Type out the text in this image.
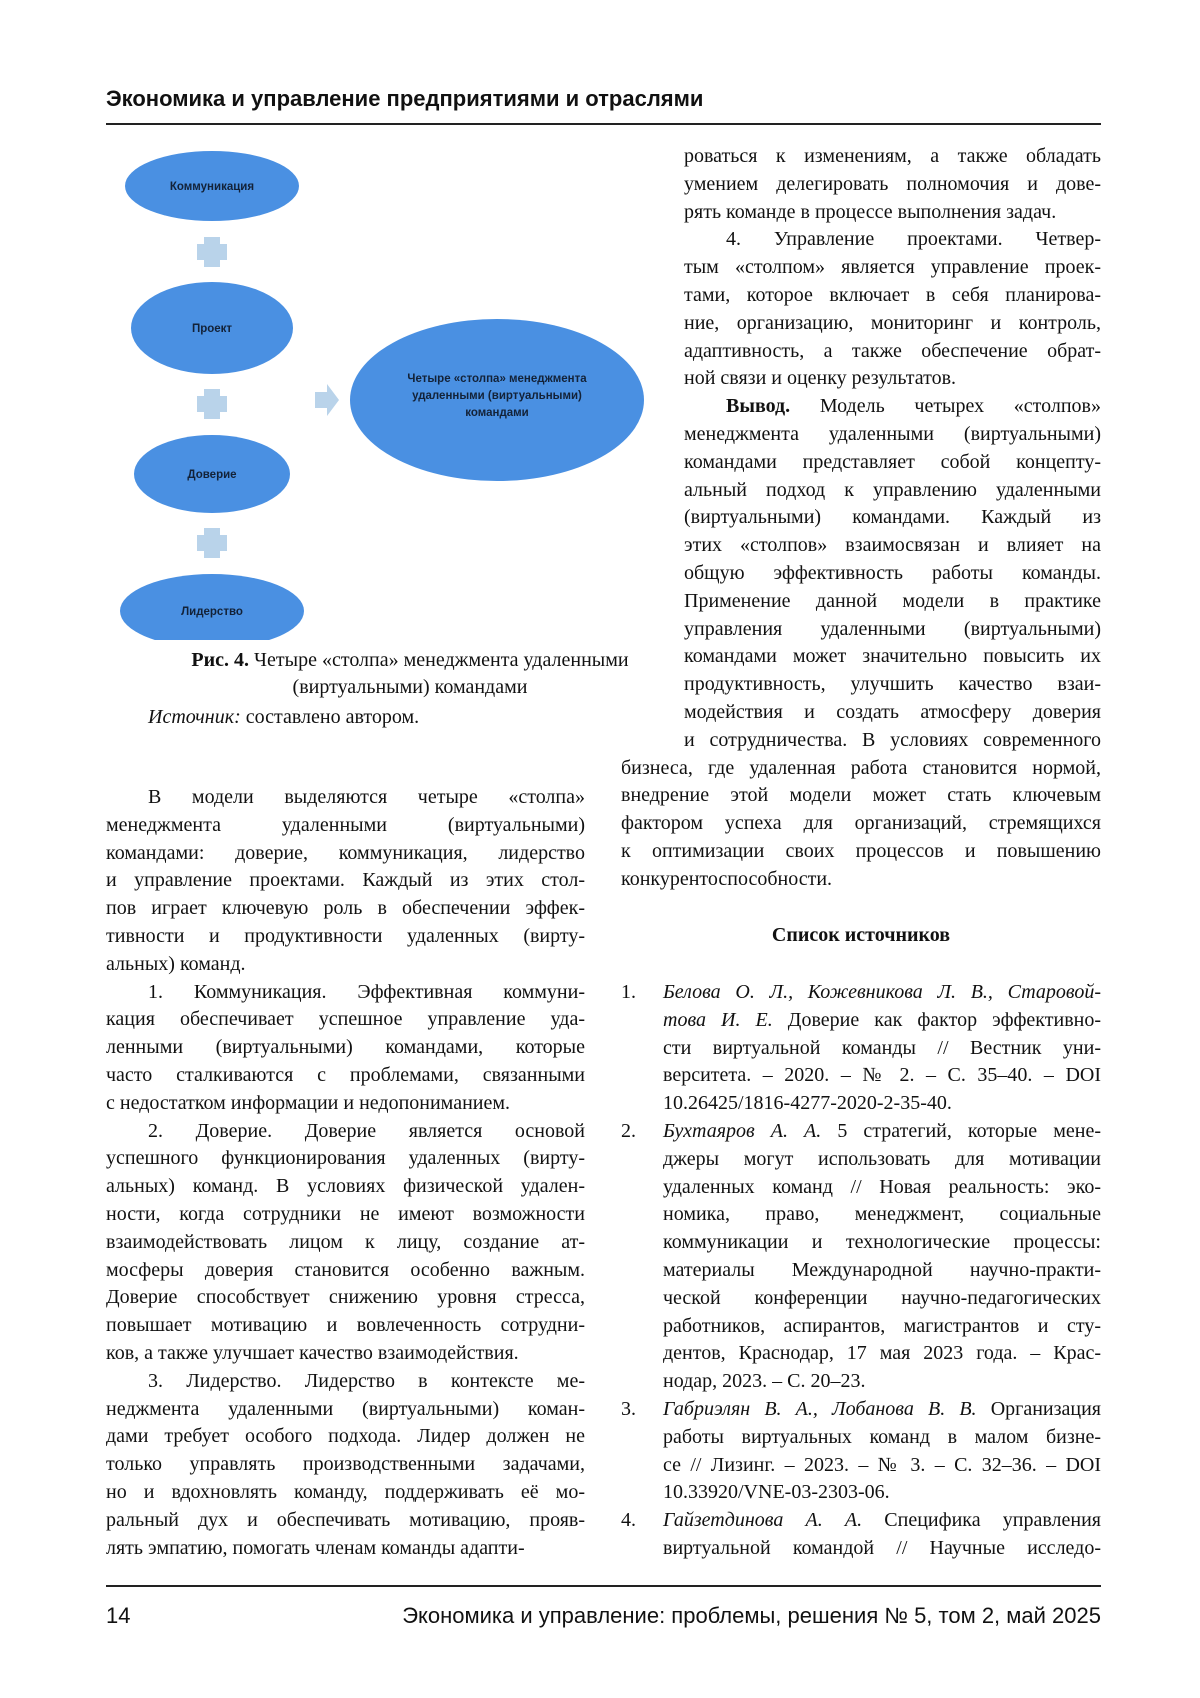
Экономика и управление предприятиями и отраслями
Коммуникация
Проект
Доверие
Лидерство
Четыре «столпа» менеджмента
удаленными (виртуальными)
командами
Рис. 4. Четыре «столпа» менеджмента удаленными
(виртуальными) командами
Источник: составлено автором.
В модели выделяются четыре «столпа»
менеджмента удаленными (виртуальными)
командами: доверие, коммуникация, лидерство
и управление проектами. Каждый из этих стол-
пов играет ключевую роль в обеспечении эффек-
тивности и продуктивности удаленных (вирту-
альных) команд.
1. Коммуникация. Эффективная коммуни-
кация обеспечивает успешное управление уда-
ленными (виртуальными) командами, которые
часто сталкиваются с проблемами, связанными
с недостатком информации и недопониманием.
2. Доверие. Доверие является основой
успешного функционирования удаленных (вирту-
альных) команд. В условиях физической удален-
ности, когда сотрудники не имеют возможности
взаимодействовать лицом к лицу, создание ат-
мосферы доверия становится особенно важным.
Доверие способствует снижению уровня стресса,
повышает мотивацию и вовлеченность сотрудни-
ков, а также улучшает качество взаимодействия.
3. Лидерство. Лидерство в контексте ме-
неджмента удаленными (виртуальными) коман-
дами требует особого подхода. Лидер должен не
только управлять производственными задачами,
но и вдохновлять команду, поддерживать её мо-
ральный дух и обеспечивать мотивацию, прояв-
лять эмпатию, помогать членам команды адапти-
роваться к изменениям, а также обладать
умением делегировать полномочия и дове-
рять команде в процессе выполнения задач.
4. Управление проектами. Четвер-
тым «столпом» является управление проек-
тами, которое включает в себя планирова-
ние, организацию, мониторинг и контроль,
адаптивность, а также обеспечение обрат-
ной связи и оценку результатов.
Вывод. Модель четырех «столпов»
менеджмента удаленными (виртуальными)
командами представляет собой концепту-
альный подход к управлению удаленными
(виртуальными) командами. Каждый из
этих «столпов» взаимосвязан и влияет на
общую эффективность работы команды.
Применение данной модели в практике
управления удаленными (виртуальными)
командами может значительно повысить их
продуктивность, улучшить качество взаи-
модействия и создать атмосферу доверия
и сотрудничества. В условиях современного
бизнеса, где удаленная работа становится нормой,
внедрение этой модели может стать ключевым
фактором успеха для организаций, стремящихся
к оптимизации своих процессов и повышению
конкурентоспособности.
Список источников
1.	Белова О. Л., Кожевникова Л. В., Старовой-
това И. Е. Доверие как фактор эффективно-
сти виртуальной команды // Вестник уни-
верситета. – 2020. – № 2. – С. 35–40. – DOI
10.26425/1816-4277-2020-2-35-40.
2.	Бухтаяров А. А. 5 стратегий, которые мене-
джеры могут использовать для мотивации
удаленных команд // Новая реальность: эко-
номика, право, менеджмент, социальные
коммуникации и технологические процессы:
материалы Международной научно-практи-
ческой конференции научно-педагогических
работников, аспирантов, магистрантов и сту-
дентов, Краснодар, 17 мая 2023 года. – Крас-
нодар, 2023. – С. 20–23.
3.	Габриэлян В. А., Лобанова В. В. Организация
работы виртуальных команд в малом бизне-
се // Лизинг. – 2023. – № 3. – С. 32–36. – DOI
10.33920/VNE-03-2303-06.
4.	Гайзетдинова А. А. Специфика управления
виртуальной командой // Научные исследо-
14	Экономика и управление: проблемы, решения № 5, том 2, май 2025
